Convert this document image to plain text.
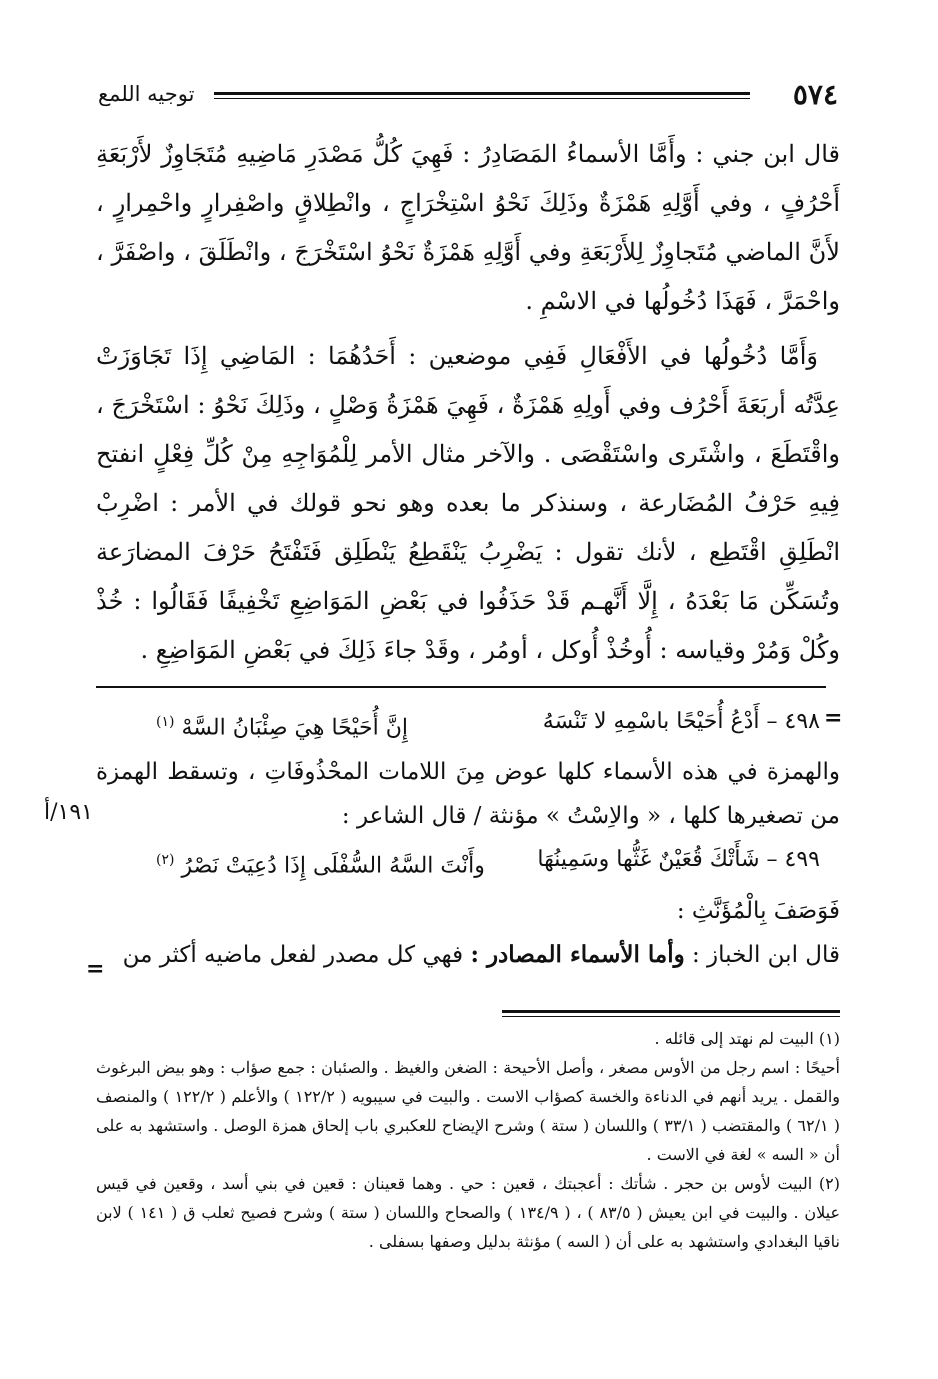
٥٧٤
توجيه اللمع

قال ابن جني : وأَمَّا الأسماءُ المَصَادِرُ : فَهِيَ كُلُّ مَصْدَرِ مَاضِيهِ مُتَجَاوِزٌ لأَرْبَعَةِ أَحْرُفٍ ، وفي أَوَّلِهِ هَمْزَةٌ وذَلِكَ نَحْوُ اسْتِخْرَاجٍ ، وانْطِلاقٍ واصْفِرارٍ واحْمِرارٍ ، لأَنَّ الماضي مُتَجاوِزٌ لِلأَرْبَعَةِ وفي أَوَّلِهِ هَمْزَةٌ نَحْوُ اسْتَخْرَجَ ، وانْطَلَقَ ، واصْفَرَّ ، واحْمَرَّ ، فَهَذَا دُخُولُها في الاسْمِ .

وَأَمَّا دُخُولُها في الأَفْعَالِ فَفِي موضعين : أَحَدُهُمَا : المَاضِي إِذَا تَجَاوَزَتْ عِدَّتُه أربَعَةَ أَحْرُف وفي أَولِهِ هَمْزَةٌ ، فَهِيَ هَمْزَةُ وَصْلٍ ، وذَلِكَ نَحْوُ : اسْتَخْرَجَ ، واقْتَطَعَ ، واشْتَرى واسْتَقْصَى . والآخر مثال الأمر لِلْمُوَاجِهِ مِنْ كُلِّ فِعْلٍ انفتح فِيهِ حَرْفُ المُضَارعة ، وسنذكر ما بعده وهو نحو قولك في الأمر : اضْرِبْ انْطَلِقِ اقْتَطِع ، لأنك تقول : يَضْرِبُ يَنْقَطِعُ يَنْطَلِق فَتَفْتَحُ حَرْفَ المضارَعة وتُسَكِّن مَا بَعْدَهُ ، إِلَّا أَنَّهـم قَدْ حَذَفُوا في بَعْضِ المَوَاضِعِ تَخْفِيفًا فَقَالُوا : خُذْ وكُلْ وَمُرْ وقياسه : أُوخُذْ أُوكل ، أومُر ، وقَدْ جاءَ ذَلِكَ في بَعْضِ المَوَاضِعِ .

=
١٩١/أ
٤٩٨ – أَدْعُ أُحَيْحًا باسْمِهِ لا تَنْسَهُ
إِنَّ أُحَيْحًا هِيَ صِئْبَانُ السَّهْ $^{(١)}$

والهمزة في هذه الأسماء كلها عوض مِنَ اللامات المحْذُوفَاتِ ، وتسقط الهمزة من تصغيرها كلها ، « والاِسْتُ » مؤنثة / قال الشاعر :

٤٩٩ – شَأَتْكَ قُعَيْنٌ غَثُّها وسَمِينُهَا
وأَنْتَ السَّهُ السُّفْلَى إِذَا دُعِيَتْ نَصْرُ $^{(٢)}$

فَوَصَفَ بِالْمُؤَنَّثِ :

قال ابن الخباز : وأما الأسماء المصادر : فهي كل مصدر لفعل ماضيه أكثر من

=

(١) البيت لم نهتد إلى قائله .

أحيحًا : اسم رجل من الأوس مصغر ، وأصل الأحيحة : الضغن والغيظ . والصئبان : جمع صؤاب : وهو بيض البرغوث والقمل . يريد أنهم في الدناءة والخسة كصؤاب الاست . والبيت في سيبويه ( ١٢٢/٢ ) والأعلم ( ١٢٢/٢ ) والمنصف ( ٦٢/١ ) والمقتضب ( ٣٣/١ ) واللسان ( ستة ) وشرح الإيضاح للعكبري باب إلحاق همزة الوصل . واستشهد به على أن « السه » لغة في الاست .

(٢) البيت لأوس بن حجر . شأتك : أعجبتك ، قعين : حي . وهما قعينان : قعين في بني أسد ، وقعين في قيس عيلان . والبيت في ابن يعيش ( ٨٣/٥ ) ، ( ١٣٤/٩ ) والصحاح واللسان ( ستة ) وشرح فصيح ثعلب ق ( ١٤١ ) لابن ناقيا البغدادي واستشهد به على أن ( السه ) مؤنثة بدليل وصفها بسفلى .
